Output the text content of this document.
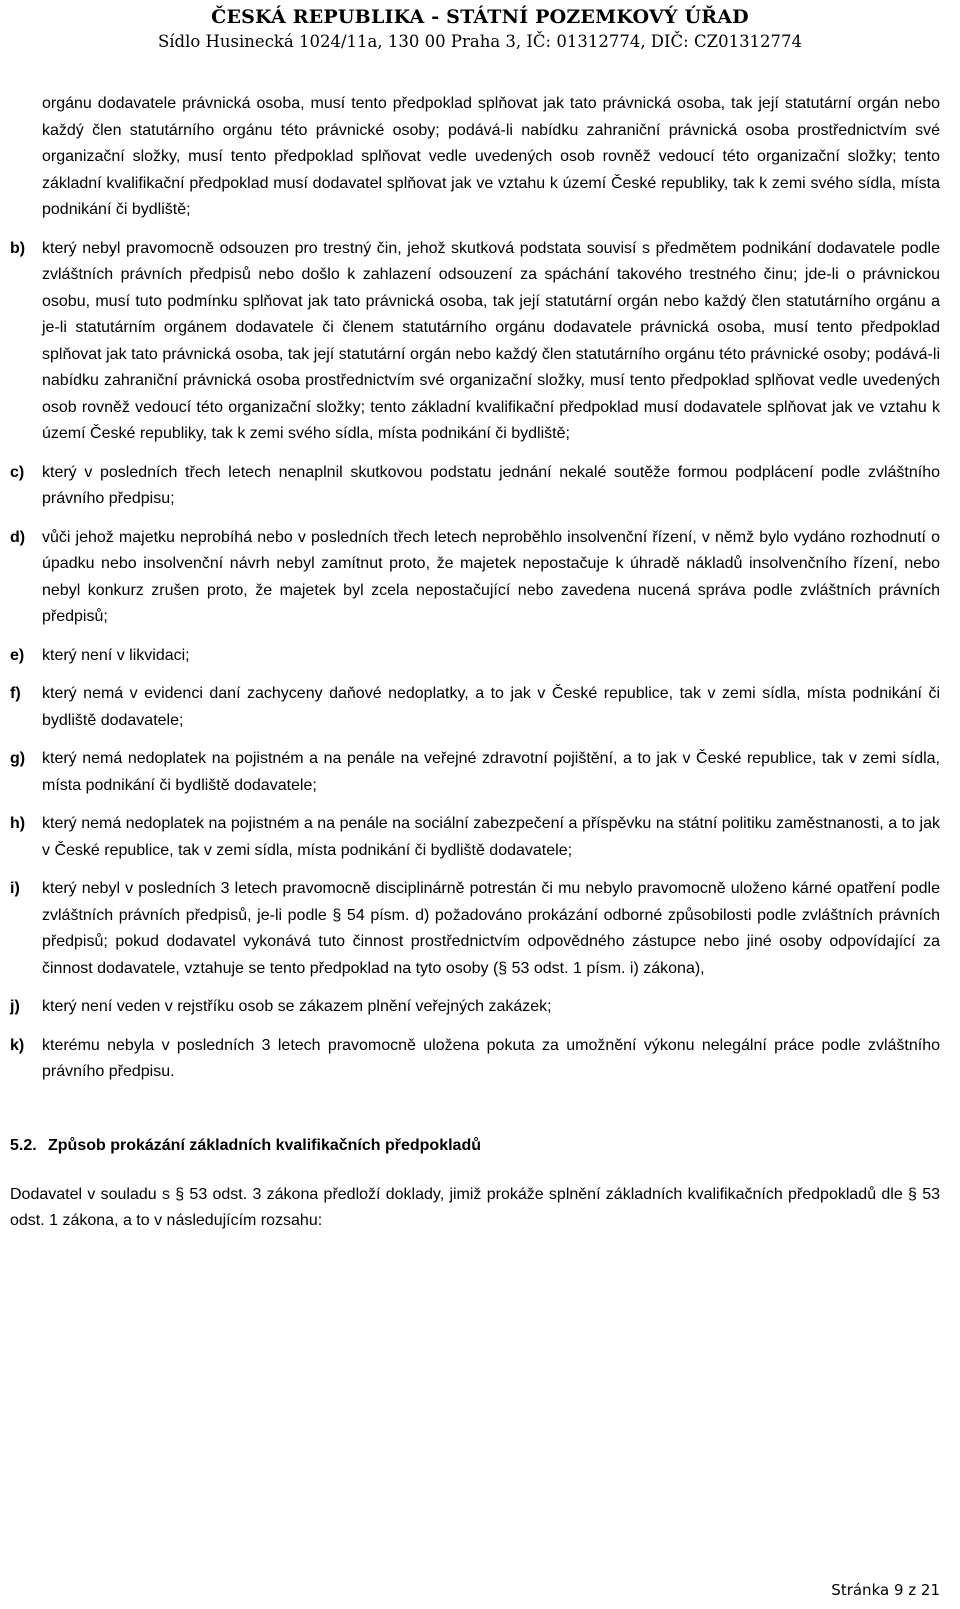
ČESKÁ REPUBLIKA - STÁTNÍ POZEMKOVÝ ÚŘAD
Sídlo Husinecká 1024/11a, 130 00 Praha 3, IČ: 01312774, DIČ: CZ01312774

orgánu dodavatele právnická osoba, musí tento předpoklad splňovat jak tato právnická osoba, tak její statutární orgán nebo každý člen statutárního orgánu této právnické osoby; podává-li nabídku zahraniční právnická osoba prostřednictvím své organizační složky, musí tento předpoklad splňovat vedle uvedených osob rovněž vedoucí této organizační složky; tento základní kvalifikační předpoklad musí dodavatel splňovat jak ve vztahu k území České republiky, tak k zemi svého sídla, místa podnikání či bydliště;

b) který nebyl pravomocně odsouzen pro trestný čin, jehož skutková podstata souvisí s předmětem podnikání dodavatele podle zvláštních právních předpisů nebo došlo k zahlazení odsouzení za spáchání takového trestného činu; jde-li o právnickou osobu, musí tuto podmínku splňovat jak tato právnická osoba, tak její statutární orgán nebo každý člen statutárního orgánu a je-li statutárním orgánem dodavatele či členem statutárního orgánu dodavatele právnická osoba, musí tento předpoklad splňovat jak tato právnická osoba, tak její statutární orgán nebo každý člen statutárního orgánu této právnické osoby; podává-li nabídku zahraniční právnická osoba prostřednictvím své organizační složky, musí tento předpoklad splňovat vedle uvedených osob rovněž vedoucí této organizační složky; tento základní kvalifikační předpoklad musí dodavatele splňovat jak ve vztahu k území České republiky, tak k zemi svého sídla, místa podnikání či bydliště;
c) který v posledních třech letech nenaplnil skutkovou podstatu jednání nekalé soutěže formou podplácení podle zvláštního právního předpisu;
d) vůči jehož majetku neprobíhá nebo v posledních třech letech neproběhlo insolvenční řízení, v němž bylo vydáno rozhodnutí o úpadku nebo insolvenční návrh nebyl zamítnut proto, že majetek nepostačuje k úhradě nákladů insolvenčního řízení, nebo nebyl konkurz zrušen proto, že majetek byl zcela nepostačující nebo zavedena nucená správa podle zvláštních právních předpisů;
e) který není v likvidaci;
f) který nemá v evidenci daní zachyceny daňové nedoplatky, a to jak v České republice, tak v zemi sídla, místa podnikání či bydliště dodavatele;
g) který nemá nedoplatek na pojistném a na penále na veřejné zdravotní pojištění, a to jak v České republice, tak v zemi sídla, místa podnikání či bydliště dodavatele;
h) který nemá nedoplatek na pojistném a na penále na sociální zabezpečení a příspěvku na státní politiku zaměstnanosti, a to jak v České republice, tak v zemi sídla, místa podnikání či bydliště dodavatele;
i) který nebyl v posledních 3 letech pravomocně disciplinárně potrestán či mu nebylo pravomocně uloženo kárné opatření podle zvláštních právních předpisů, je-li podle § 54 písm. d) požadováno prokázání odborné způsobilosti podle zvláštních právních předpisů; pokud dodavatel vykonává tuto činnost prostřednictvím odpovědného zástupce nebo jiné osoby odpovídající za činnost dodavatele, vztahuje se tento předpoklad na tyto osoby (§ 53 odst. 1 písm. i) zákona),
j) který není veden v rejstříku osob se zákazem plnění veřejných zakázek;
k) kterému nebyla v posledních 3 letech pravomocně uložena pokuta za umožnění výkonu nelegální práce podle zvláštního právního předpisu.
5.2. Způsob prokázání základních kvalifikačních předpokladů

Dodavatel v souladu s § 53 odst. 3 zákona předloží doklady, jimiž prokáže splnění základních kvalifikačních předpokladů dle § 53 odst. 1 zákona, a to v následujícím rozsahu:

Stránka 9 z 21
